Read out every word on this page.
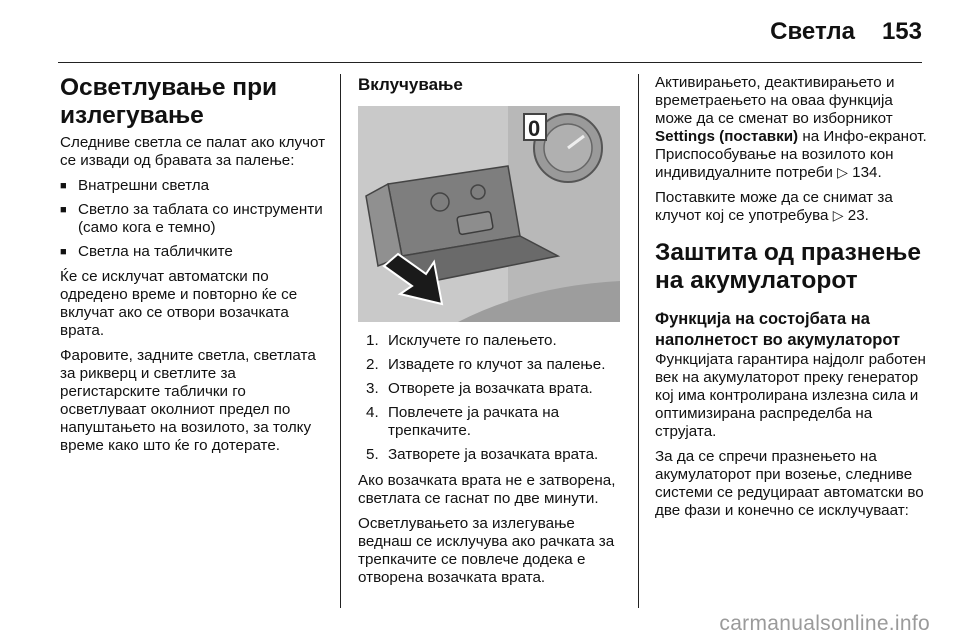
Светла 153
Осветлување при излегување

Следниве светла се палат ако клучот се извади од бравата за палење:

■ Внатрешни светла
■ Светло за таблата со инструменти (само кога е темно)
■ Светла на табличките

Ќе се исклучат автоматски по одредено време и повторно ќе се вклучат ако се отвори возачката врата.

Фаровите, задните светла, светлата за рикверц и светлите за регистарските таблички го осветлуваат околниот предел по напуштањето на возилото, за толку време како што ќе го дотерате.

Вклучување
0
1. Исклучете го палењето.
2. Извадете го клучот за палење.
3. Отворете ја возачката врата.
4. Повлечете ја рачката на трепкачите.
5. Затворете ја возачката врата.

Ако возачката врата не е затворена, светлата се гаснат по две минути.

Осветлувањето за излегување веднаш се исклучува ако рачката за трепкачите се повлече додека е отворена возачката врата.

Активирањето, деактивирањето и времетраењето на оваа функција може да се сменат во изборникот Settings (поставки) на Инфо-екранот. Приспособување на возилото кон индивидуалните потреби ▷ 134.

Поставките може да се снимат за клучот кој се употребува ▷ 23.

Заштита од празнење на акумулаторот
Функција на состојбата на наполнетост во акумулаторот

Функцијата гарантира најдолг работен век на акумулаторот преку генератор кој има контролирана излезна сила и оптимизирана распределба на струјата.

За да се спречи празнењето на акумулаторот при возење, следниве системи се редуцираат автоматски во две фази и конечно се исклучуваат:

carmanualsonline.info
